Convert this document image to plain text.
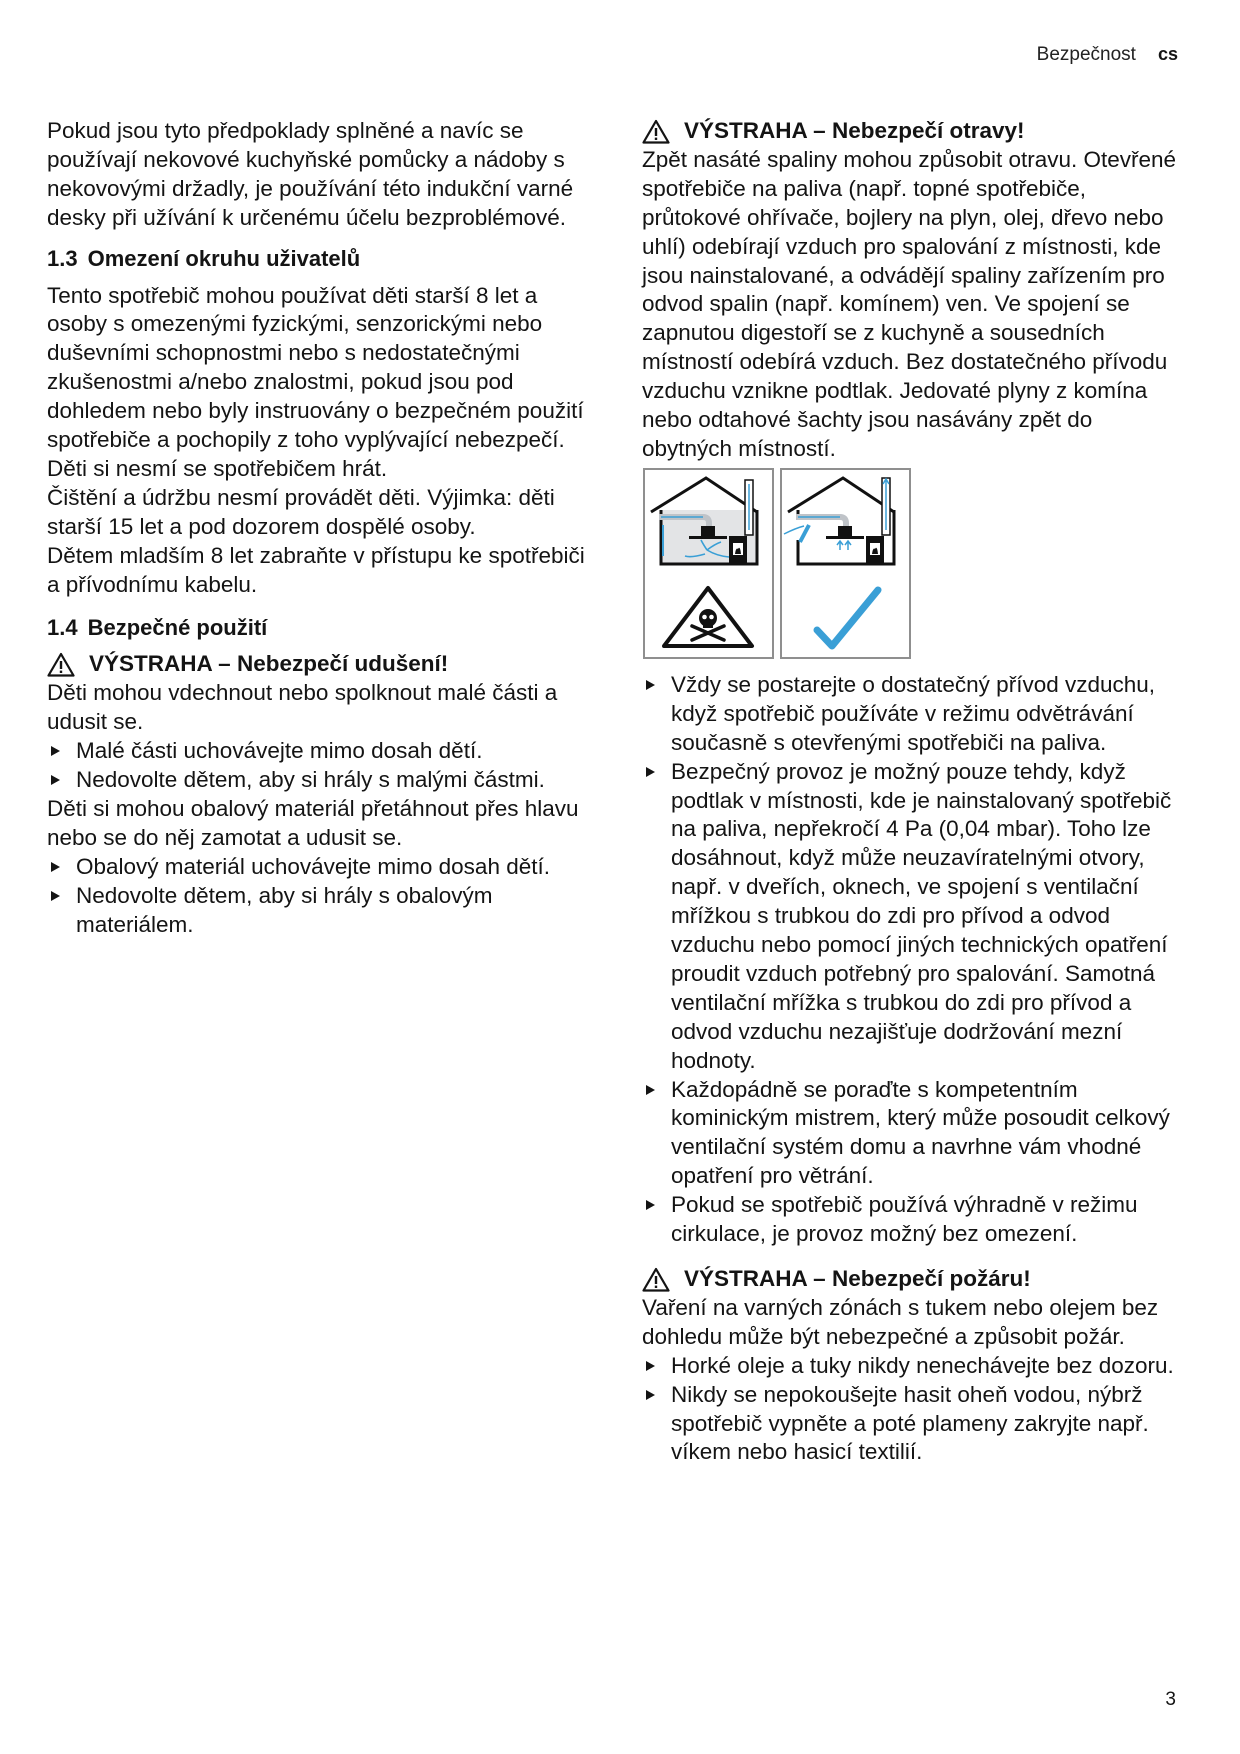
Bezpečnost cs

Pokud jsou tyto předpoklady splněné a navíc se používají nekovové kuchyňské pomůcky a nádoby s nekovovými držadly, je používání této indukční varné desky při užívání k určenému účelu bezproblémové.

1.3 Omezení okruhu uživatelů

Tento spotřebič mohou používat děti starší 8 let a osoby s omezenými fyzickými, senzorickými nebo duševními schopnostmi nebo s nedostatečnými zkušenostmi a/nebo znalostmi, pokud jsou pod dohledem nebo byly instruovány o bezpečném použití spotřebiče a pochopily z toho vyplývající nebezpečí.

Děti si nesmí se spotřebičem hrát.

Čištění a údržbu nesmí provádět děti. Výjimka: děti starší 15 let a pod dozorem dospělé osoby.

Dětem mladším 8 let zabraňte v přístupu ke spotřebiči a přívodnímu kabelu.

1.4 Bezpečné použití
VÝSTRAHA – Nebezpečí udušení!

Děti mohou vdechnout nebo spolknout malé části a udusit se.

Malé části uchovávejte mimo dosah dětí.
Nedovolte dětem, aby si hrály s malými částmi.

Děti si mohou obalový materiál přetáhnout přes hlavu nebo se do něj zamotat a udusit se.

Obalový materiál uchovávejte mimo dosah dětí.
Nedovolte dětem, aby si hrály s obalovým materiálem.
VÝSTRAHA – Nebezpečí otravy!

Zpět nasáté spaliny mohou způsobit otravu. Otevřené spotřebiče na paliva (např. topné spotřebiče, průtokové ohřívače, bojlery na plyn, olej, dřevo nebo uhlí) odebírají vzduch pro spalování z místnosti, kde jsou nainstalované, a odvádějí spaliny zařízením pro odvod spalin (např. komínem) ven. Ve spojení se zapnutou digestoří se z kuchyně a sousedních místností odebírá vzduch. Bez dostatečného přívodu vzduchu vznikne podtlak. Jedovaté plyny z komína nebo odtahové šachty jsou nasávány zpět do obytných místností.

Vždy se postarejte o dostatečný přívod vzduchu, když spotřebič používáte v režimu odvětrávání současně s otevřenými spotřebiči na paliva.
Bezpečný provoz je možný pouze tehdy, když podtlak v místnosti, kde je nainstalovaný spotřebič na paliva, nepřekročí 4 Pa (0,04 mbar). Toho lze dosáhnout, když může neuzavíratelnými otvory, např. v dveřích, oknech, ve spojení s ventilační mřížkou s trubkou do zdi pro přívod a odvod vzduchu nebo pomocí jiných technických opatření proudit vzduch potřebný pro spalování. Samotná ventilační mřížka s trubkou do zdi pro přívod a odvod vzduchu nezajišťuje dodržování mezní hodnoty.
Každopádně se poraďte s kompetentním kominickým mistrem, který může posoudit celkový ventilační systém domu a navrhne vám vhodné opatření pro větrání.
Pokud se spotřebič používá výhradně v režimu cirkulace, je provoz možný bez omezení.
VÝSTRAHA – Nebezpečí požáru!

Vaření na varných zónách s tukem nebo olejem bez dohledu může být nebezpečné a způsobit požár.

Horké oleje a tuky nikdy nenechávejte bez dozoru.
Nikdy se nepokoušejte hasit oheň vodou, nýbrž spotřebič vypněte a poté plameny zakryjte např. víkem nebo hasicí textilií.
3
